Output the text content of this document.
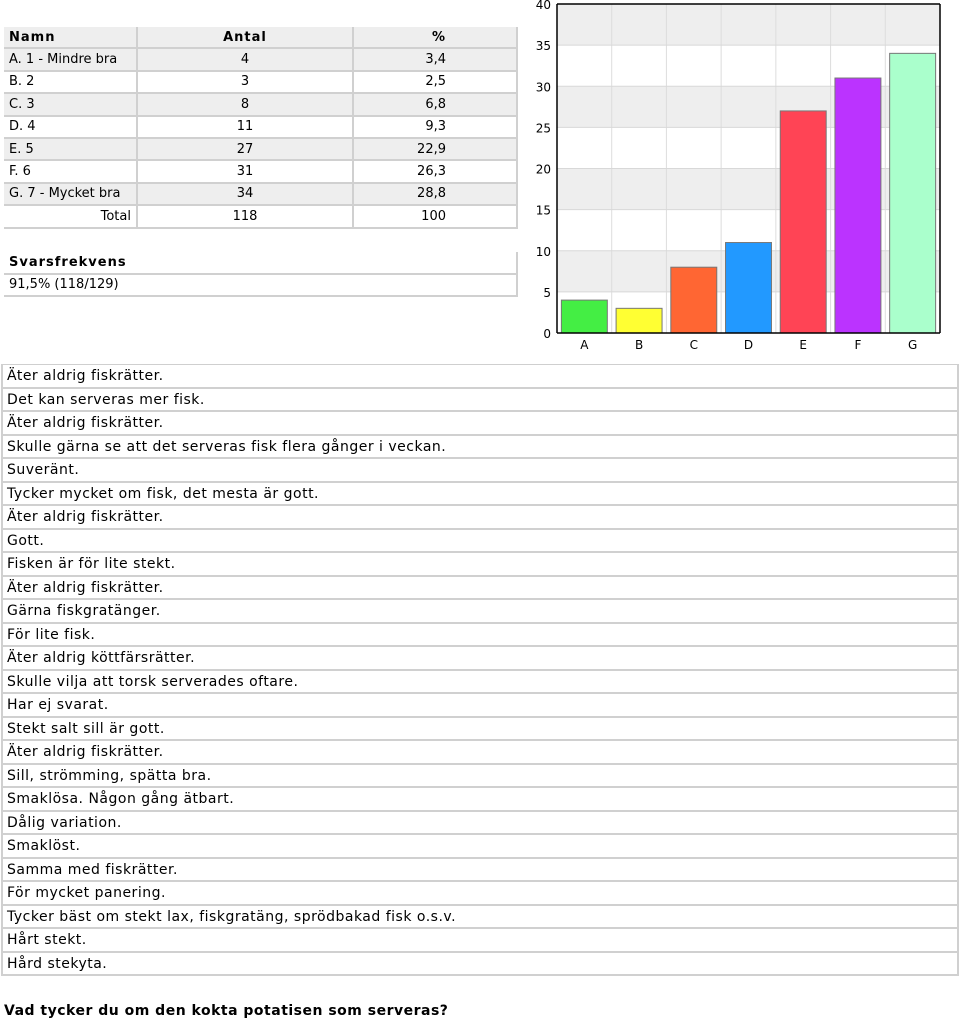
Namn	Antal	%
A. 1 - Mindre bra	4	3,4
B. 2	3	2,5
C. 3	8	6,8
D. 4	11	9,3
E. 5	27	22,9
F. 6	31	26,3
G. 7 - Mycket bra	34	28,8
Total	118	100
Svarsfrekvens
91,5% (118/129)
0
5
10
15
20
25
30
35
40
A	B	C	D	E	F	G
Äter aldrig fiskrätter.
Det kan serveras mer fisk.
Äter aldrig fiskrätter.
Skulle gärna se att det serveras fisk flera gånger i veckan.
Suveränt.
Tycker mycket om fisk, det mesta är gott.
Äter aldrig fiskrätter.
Gott.
Fisken är för lite stekt.
Äter aldrig fiskrätter.
Gärna fiskgratänger.
För lite fisk.
Äter aldrig köttfärsrätter.
Skulle vilja att torsk serverades oftare.
Har ej svarat.
Stekt salt sill är gott.
Äter aldrig fiskrätter.
Sill, strömming, spätta bra.
Smaklösa. Någon gång ätbart.
Dålig variation.
Smaklöst.
Samma med fiskrätter.
För mycket panering.
Tycker bäst om stekt lax, fiskgratäng, sprödbakad fisk o.s.v.
Hårt stekt.
Hård stekyta.
Vad tycker du om den kokta potatisen som serveras?
